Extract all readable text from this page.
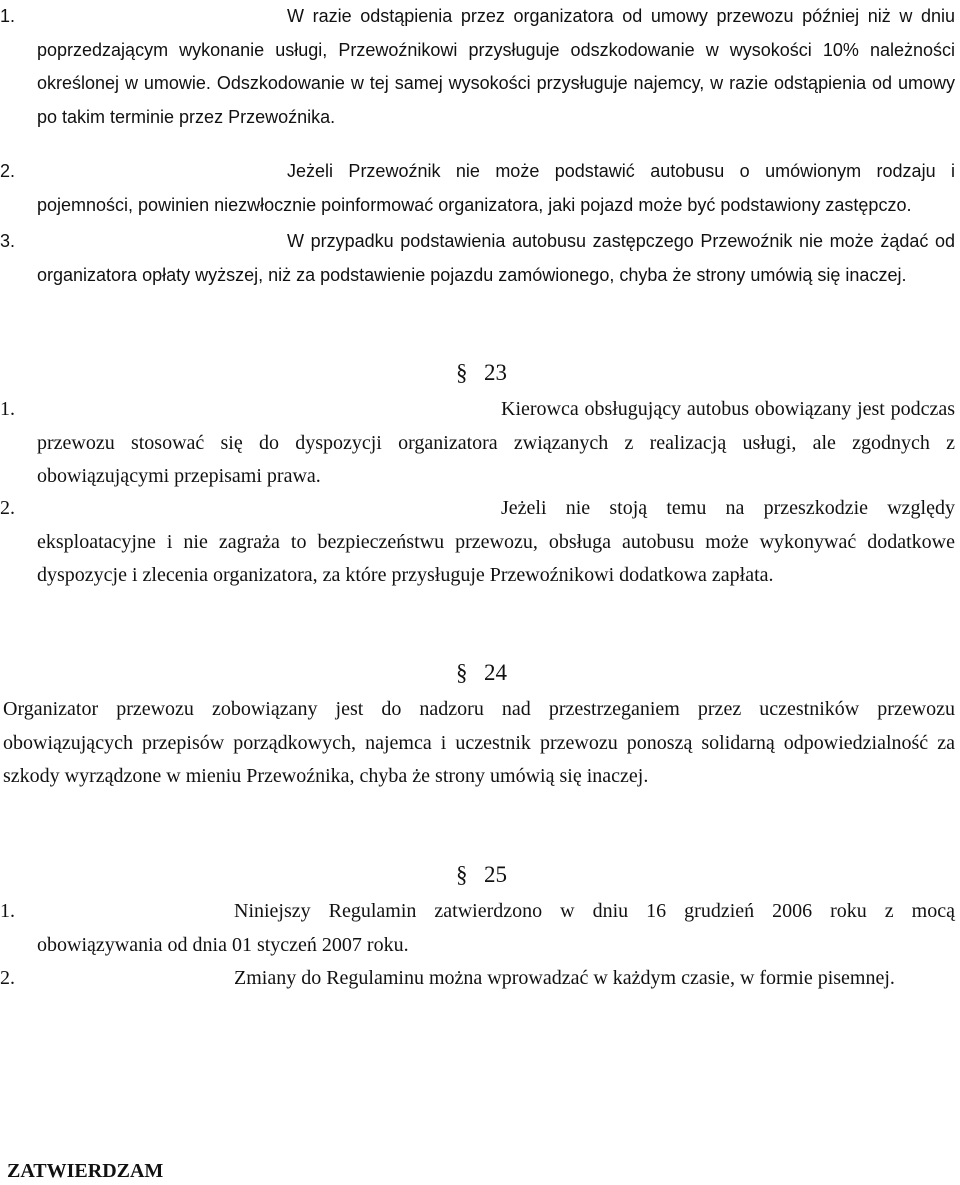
1.	W razie odstąpienia przez organizatora od umowy przewozu później niż w dniu poprzedzającym wykonanie usługi, Przewoźnikowi przysługuje odszkodowanie w wysokości 10% należności określonej w umowie. Odszkodowanie w tej samej wysokości przysługuje najemcy, w razie odstąpienia od umowy po takim terminie przez Przewoźnika.

2.	Jeżeli Przewoźnik nie może podstawić autobusu o umówionym rodzaju i pojemności, powinien niezwłocznie poinformować organizatora, jaki pojazd może być podstawiony zastępczo.

3.	W przypadku podstawienia autobusu zastępczego Przewoźnik nie może żądać od organizatora opłaty wyższej, niż za podstawienie pojazdu zamówionego, chyba że strony umówią się inaczej.

§ 23

1.	Kierowca obsługujący autobus obowiązany jest podczas przewozu stosować się do dyspozycji organizatora związanych z realizacją usługi, ale zgodnych z obowiązującymi przepisami prawa.

2.	Jeżeli nie stoją temu na przeszkodzie względy eksploatacyjne i nie zagraża to bezpieczeństwu przewozu, obsługa autobusu może wykonywać dodatkowe dyspozycje i zlecenia organizatora, za które przysługuje Przewoźnikowi dodatkowa zapłata.

§ 24

Organizator przewozu zobowiązany jest do nadzoru nad przestrzeganiem przez uczestników przewozu obowiązujących przepisów porządkowych, najemca i uczestnik przewozu ponoszą solidarną odpowiedzialność za szkody wyrządzone w mieniu Przewoźnika, chyba że strony umówią się inaczej.

§ 25

1.	Niniejszy Regulamin zatwierdzono w dniu 16 grudzień 2006 roku z mocą obowiązywania od dnia 01 styczeń 2007 roku.

2.	Zmiany do Regulaminu można wprowadzać w każdym czasie, w formie pisemnej.

ZATWIERDZAM
